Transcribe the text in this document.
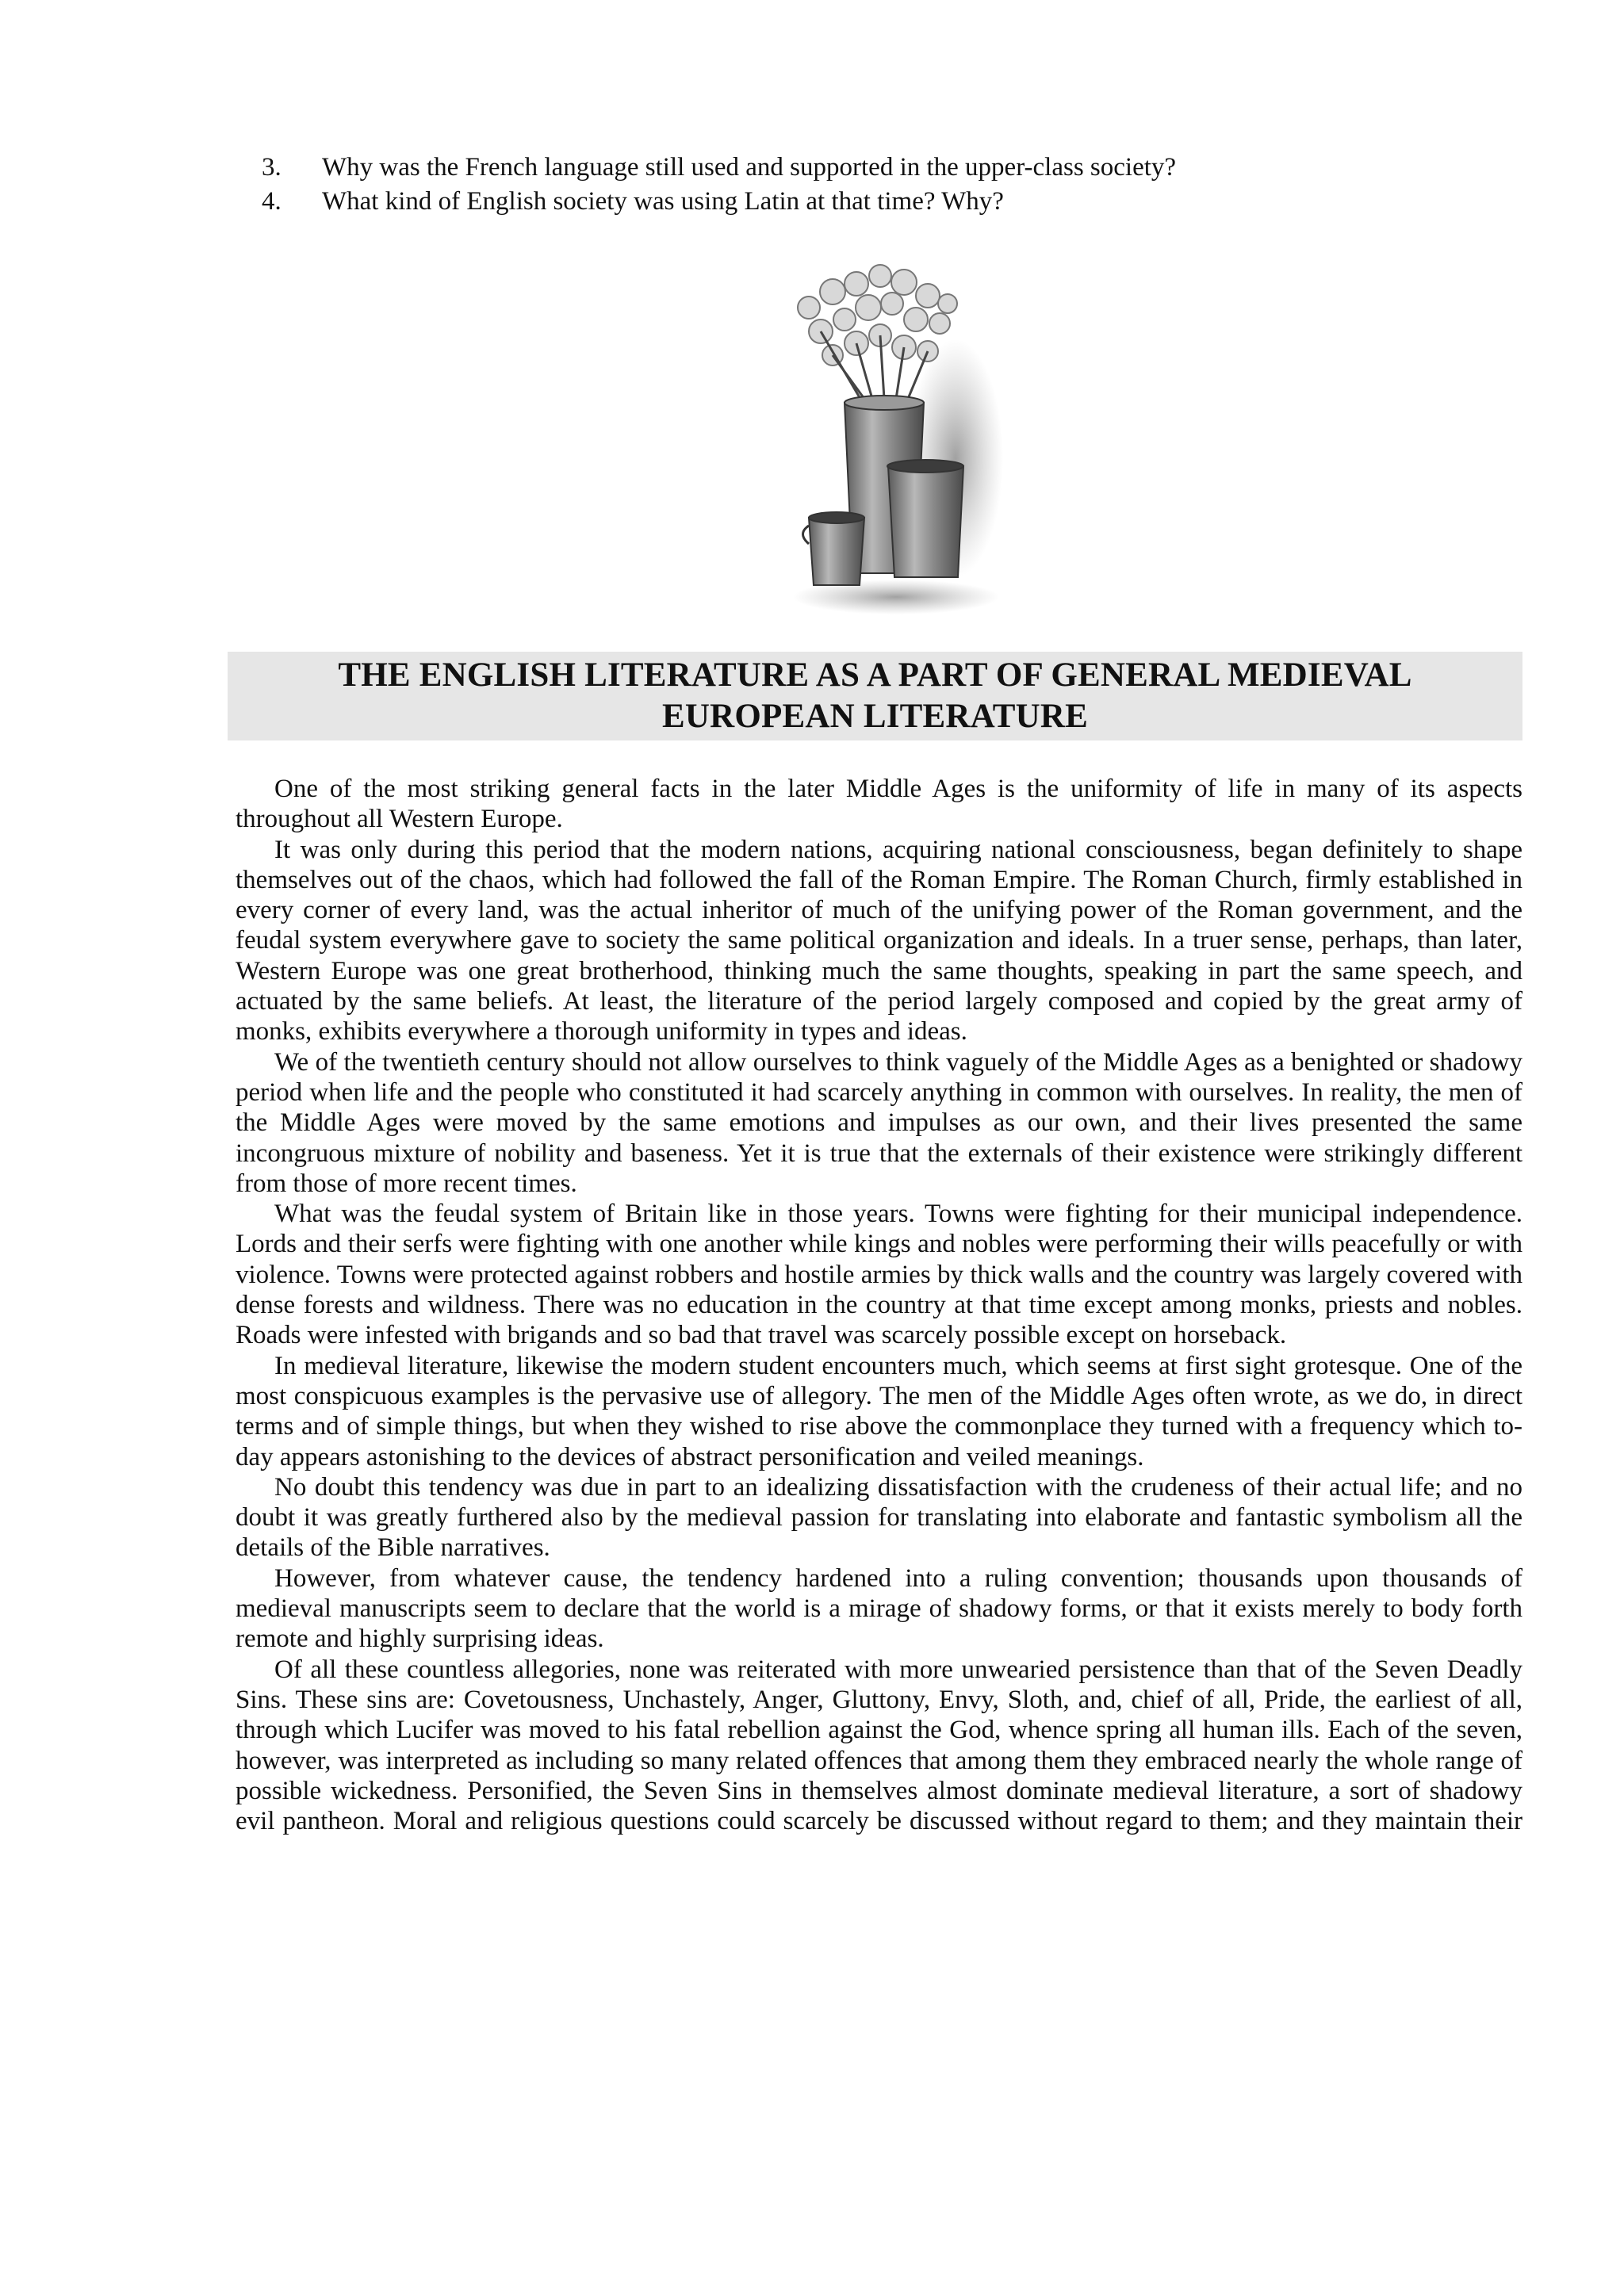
3.	Why was the French language still used and supported in the upper-class society?
4.	What kind of English society was using Latin at that time? Why?
THE ENGLISH LITERATURE AS A PART OF GENERAL MEDIEVAL
EUROPEAN LITERATURE

One of the most striking general facts in the later Middle Ages is the uniformity of life in many of its aspects throughout all Western Europe.

It was only during this period that the modern nations, acquiring national consciousness, began definitely to shape themselves out of the chaos, which had followed the fall of the Roman Empire. The Roman Church, firmly established in every corner of every land, was the actual inheritor of much of the unifying power of the Roman government, and the feudal system everywhere gave to society the same political organization and ideals. In a truer sense, perhaps, than later, Western Europe was one great brotherhood, thinking much the same thoughts, speaking in part the same speech, and actuated by the same beliefs. At least, the literature of the period largely composed and copied by the great army of monks, exhibits everywhere a thorough uniformity in types and ideas.

We of the twentieth century should not allow ourselves to think vaguely of the Middle Ages as a benighted or shadowy period when life and the people who constituted it had scarcely anything in common with ourselves. In reality, the men of the Middle Ages were moved by the same emotions and impulses as our own, and their lives presented the same incongruous mixture of nobility and baseness. Yet it is true that the externals of their existence were strikingly different from those of more recent times.

What was the feudal system of Britain like in those years. Towns were fighting for their municipal independence. Lords and their serfs were fighting with one another while kings and nobles were performing their wills peacefully or with violence. Towns were protected against robbers and hostile armies by thick walls and the country was largely covered with dense forests and wildness. There was no education in the country at that time except among monks, priests and nobles. Roads were infested with brigands and so bad that travel was scarcely possible except on horseback.

In medieval literature, likewise the modern student encounters much, which seems at first sight grotesque. One of the most conspicuous examples is the pervasive use of allegory. The men of the Middle Ages often wrote, as we do, in direct terms and of simple things, but when they wished to rise above the commonplace they turned with a frequency which to-day appears astonishing to the devices of abstract personification and veiled meanings.

No doubt this tendency was due in part to an idealizing dissatisfaction with the crudeness of their actual life; and no doubt it was greatly furthered also by the medieval passion for translating into elaborate and fantastic symbolism all the details of the Bible narratives.

However, from whatever cause, the tendency hardened into a ruling convention; thousands upon thousands of medieval manuscripts seem to declare that the world is a mirage of shadowy forms, or that it exists merely to body forth remote and highly surprising ideas.

Of all these countless allegories, none was reiterated with more unwearied persistence than that of the Seven Deadly Sins. These sins are: Covetousness, Unchastely, Anger, Gluttony, Envy, Sloth, and, chief of all, Pride, the earliest of all, through which Lucifer was moved to his fatal rebellion against the God, whence spring all human ills. Each of the seven, however, was interpreted as including so many related offences that among them they embraced nearly the whole range of possible wickedness. Personified, the Seven Sins in themselves almost dominate medieval literature, a sort of shadowy evil pantheon. Moral and religious questions could scarcely be discussed without regard to them; and they maintain their
